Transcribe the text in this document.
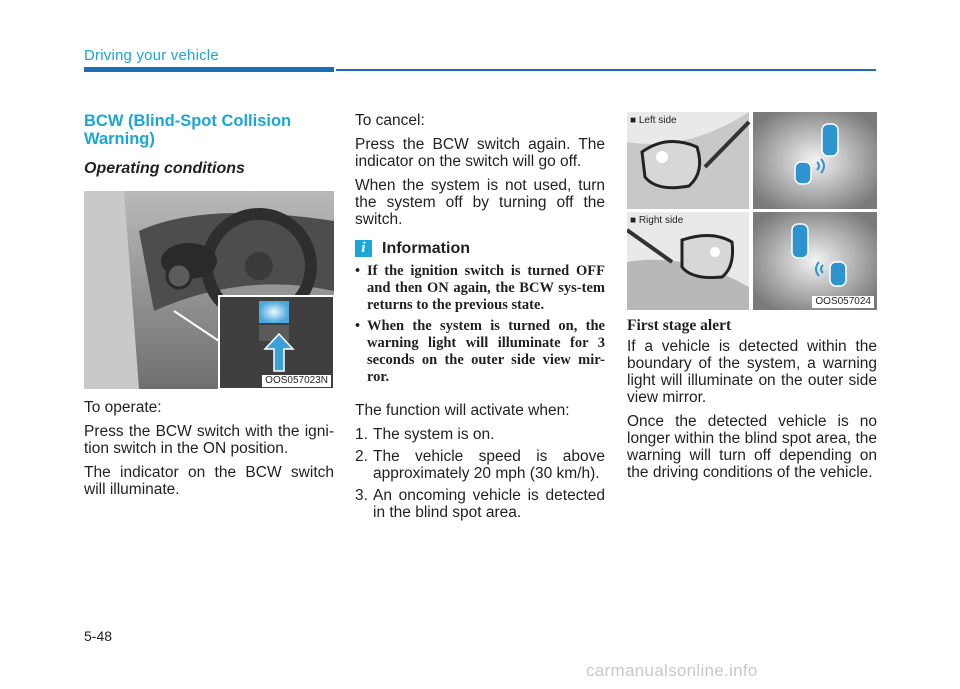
Driving your vehicle
BCW (Blind-Spot Collision Warning)
Operating conditions
OOS057023N

To operate:

Press the BCW switch with the igni-tion switch in the ON position.

The indicator on the BCW switch will illuminate.

To cancel:

Press the BCW switch again. The indicator on the switch will go off.

When the system is not used, turn the system off by turning off the switch.

i	Information
• If the ignition switch is turned OFF and then ON again, the BCW sys-tem returns to the previous state.
• When the system is turned on, the warning light will illuminate for 3 seconds on the outer side view mir-ror.

The function will activate when:

1. The system is on.
2. The vehicle speed is above approximately 20 mph (30 km/h).
3. An oncoming vehicle is detected in the blind spot area.
■ Left side
■ Right side
OOS057024
First stage alert

If a vehicle is detected within the boundary of the system, a warning light will illuminate on the outer side view mirror.

Once the detected vehicle is no longer within the blind spot area, the warning will turn off depending on the driving conditions of the vehicle.

5-48
carmanualsonline.info
